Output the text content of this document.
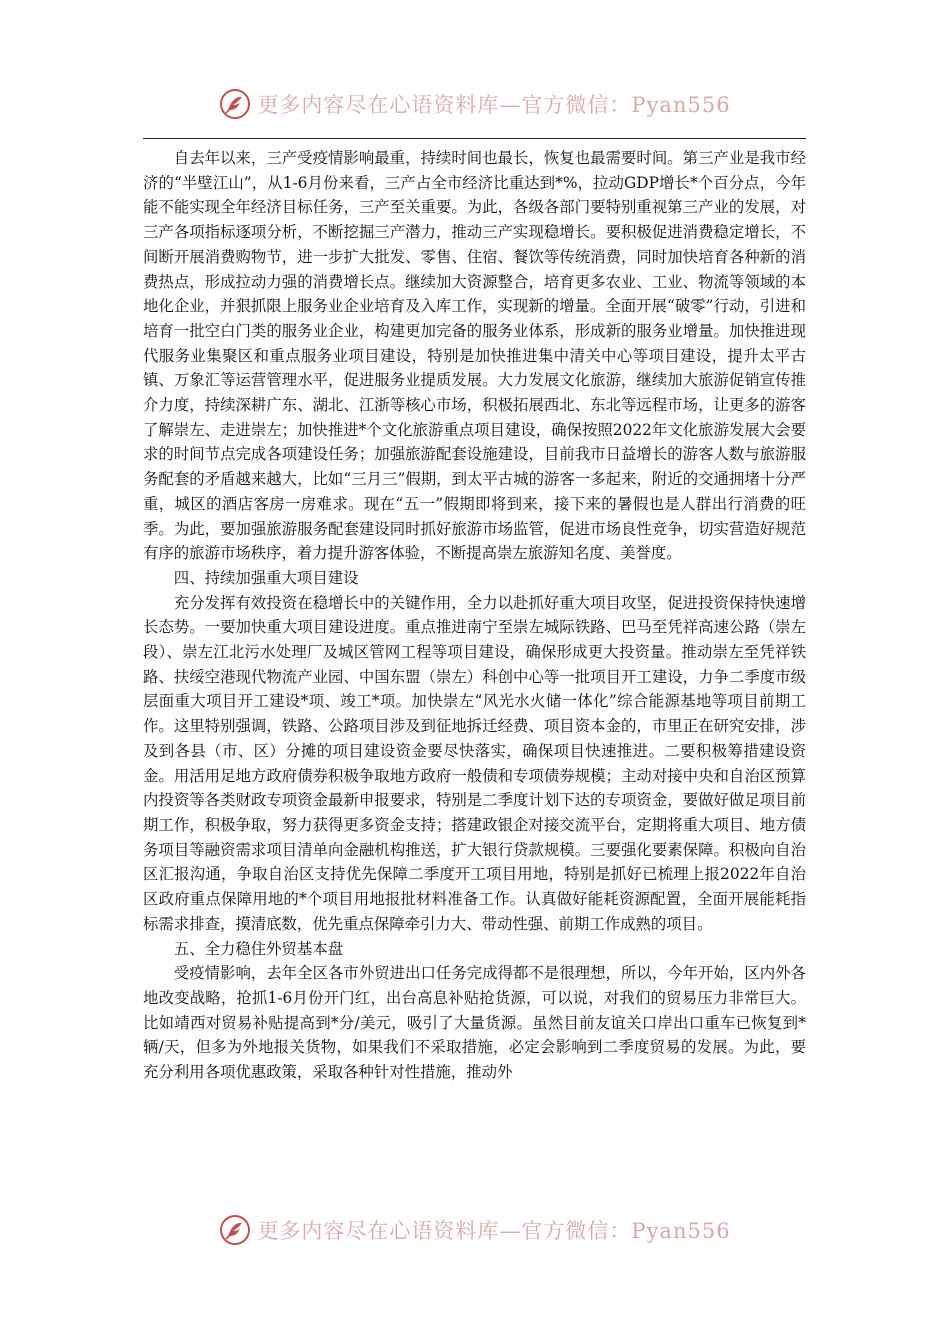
更多内容尽在心语资料库—官方微信：Pyan556

自去年以来，三产受疫情影响最重，持续时间也最长，恢复也最需要时间。第三产业是我市经济的“半壁江山”，从1-6月份来看，三产占全市经济比重达到*%，拉动GDP增长*个百分点，今年能不能实现全年经济目标任务，三产至关重要。为此，各级各部门要特别重视第三产业的发展，对三产各项指标逐项分析，不断挖掘三产潜力，推动三产实现稳增长。要积极促进消费稳定增长，不间断开展消费购物节，进一步扩大批发、零售、住宿、餐饮等传统消费，同时加快培育各种新的消费热点，形成拉动力强的消费增长点。继续加大资源整合，培育更多农业、工业、物流等领域的本地化企业，并狠抓限上服务业企业培育及入库工作，实现新的增量。全面开展“破零”行动，引进和培育一批空白门类的服务业企业，构建更加完备的服务业体系，形成新的服务业增量。加快推进现代服务业集聚区和重点服务业项目建设，特别是加快推进集中清关中心等项目建设，提升太平古镇、万象汇等运营管理水平，促进服务业提质发展。大力发展文化旅游，继续加大旅游促销宣传推介力度，持续深耕广东、湖北、江浙等核心市场，积极拓展西北、东北等远程市场，让更多的游客了解崇左、走进崇左；加快推进*个文化旅游重点项目建设，确保按照2022年文化旅游发展大会要求的时间节点完成各项建设任务；加强旅游配套设施建设，目前我市日益增长的游客人数与旅游服务配套的矛盾越来越大，比如“三月三”假期，到太平古城的游客一多起来，附近的交通拥堵十分严重，城区的酒店客房一房难求。现在“五一”假期即将到来，接下来的暑假也是人群出行消费的旺季。为此，要加强旅游服务配套建设同时抓好旅游市场监管，促进市场良性竞争，切实营造好规范有序的旅游市场秩序，着力提升游客体验，不断提高崇左旅游知名度、美誉度。

四、持续加强重大项目建设

充分发挥有效投资在稳增长中的关键作用，全力以赴抓好重大项目攻坚，促进投资保持快速增长态势。一要加快重大项目建设进度。重点推进南宁至崇左城际铁路、巴马至凭祥高速公路（崇左段）、崇左江北污水处理厂及城区管网工程等项目建设，确保形成更大投资量。推动崇左至凭祥铁路、扶绥空港现代物流产业园、中国东盟（崇左）科创中心等一批项目开工建设，力争二季度市级层面重大项目开工建设*项、竣工*项。加快崇左“风光水火储一体化”综合能源基地等项目前期工作。这里特别强调，铁路、公路项目涉及到征地拆迁经费、项目资本金的，市里正在研究安排，涉及到各县（市、区）分摊的项目建设资金要尽快落实，确保项目快速推进。二要积极筹措建设资金。用活用足地方政府债券积极争取地方政府一般债和专项债券规模；主动对接中央和自治区预算内投资等各类财政专项资金最新申报要求，特别是二季度计划下达的专项资金，要做好做足项目前期工作，积极争取，努力获得更多资金支持；搭建政银企对接交流平台，定期将重大项目、地方债务项目等融资需求项目清单向金融机构推送，扩大银行贷款规模。三要强化要素保障。积极向自治区汇报沟通，争取自治区支持优先保障二季度开工项目用地，特别是抓好已梳理上报2022年自治区政府重点保障用地的*个项目用地报批材料准备工作。认真做好能耗资源配置，全面开展能耗指标需求排查，摸清底数，优先重点保障牵引力大、带动性强、前期工作成熟的项目。

五、全力稳住外贸基本盘

受疫情影响，去年全区各市外贸进出口任务完成得都不是很理想，所以，今年开始，区内外各地改变战略，抢抓1-6月份开门红，出台高息补贴抢货源，可以说，对我们的贸易压力非常巨大。比如靖西对贸易补贴提高到*分/美元，吸引了大量货源。虽然目前友谊关口岸出口重车已恢复到*辆/天，但多为外地报关货物，如果我们不采取措施，必定会影响到二季度贸易的发展。为此，要充分利用各项优惠政策，采取各种针对性措施，推动外

更多内容尽在心语资料库—官方微信：Pyan556
